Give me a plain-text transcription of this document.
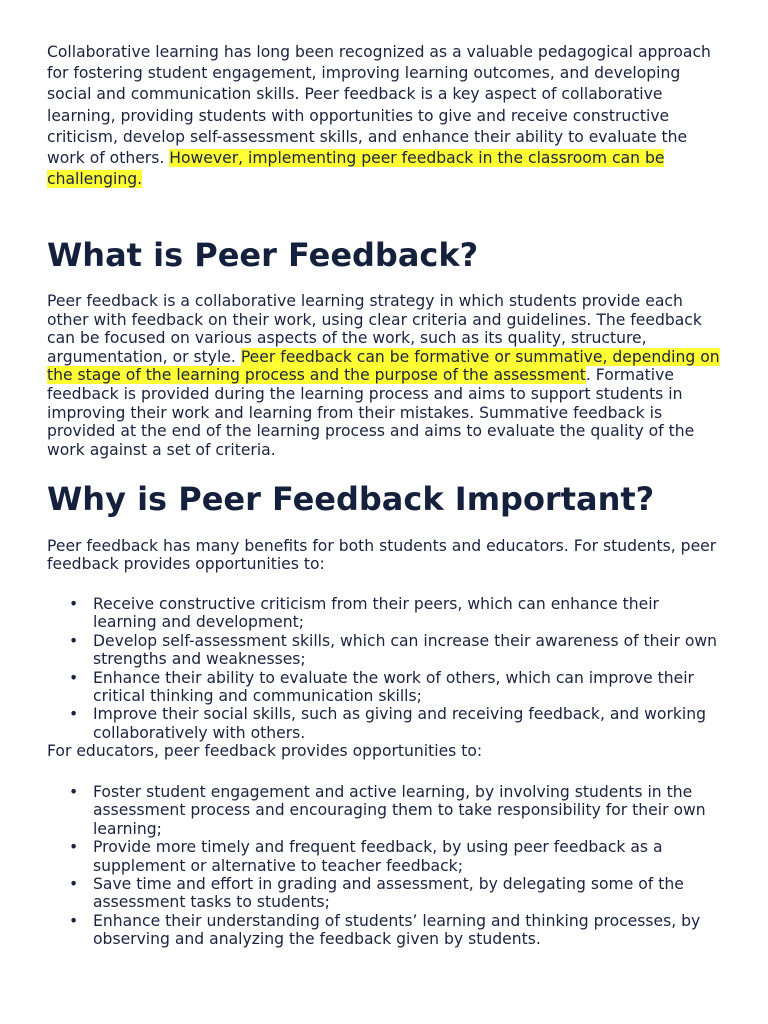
Collaborative learning has long been recognized as a valuable pedagogical approach for fostering student engagement, improving learning outcomes, and developing social and communication skills. Peer feedback is a key aspect of collaborative learning, providing students with opportunities to give and receive constructive criticism, develop self-assessment skills, and enhance their ability to evaluate the work of others. However, implementing peer feedback in the classroom can be challenging.

What is Peer Feedback?

Peer feedback is a collaborative learning strategy in which students provide each other with feedback on their work, using clear criteria and guidelines. The feedback can be focused on various aspects of the work, such as its quality, structure, argumentation, or style. Peer feedback can be formative or summative, depending on the stage of the learning process and the purpose of the assessment. Formative feedback is provided during the learning process and aims to support students in improving their work and learning from their mistakes. Summative feedback is provided at the end of the learning process and aims to evaluate the quality of the work against a set of criteria.

Why is Peer Feedback Important?

Peer feedback has many benefits for both students and educators. For students, peer feedback provides opportunities to:

• Receive constructive criticism from their peers, which can enhance their learning and development;
• Develop self-assessment skills, which can increase their awareness of their own strengths and weaknesses;
• Enhance their ability to evaluate the work of others, which can improve their critical thinking and communication skills;
• Improve their social skills, such as giving and receiving feedback, and working collaboratively with others.

For educators, peer feedback provides opportunities to:

• Foster student engagement and active learning, by involving students in the assessment process and encouraging them to take responsibility for their own learning;
• Provide more timely and frequent feedback, by using peer feedback as a supplement or alternative to teacher feedback;
• Save time and effort in grading and assessment, by delegating some of the assessment tasks to students;
• Enhance their understanding of students’ learning and thinking processes, by observing and analyzing the feedback given by students.
